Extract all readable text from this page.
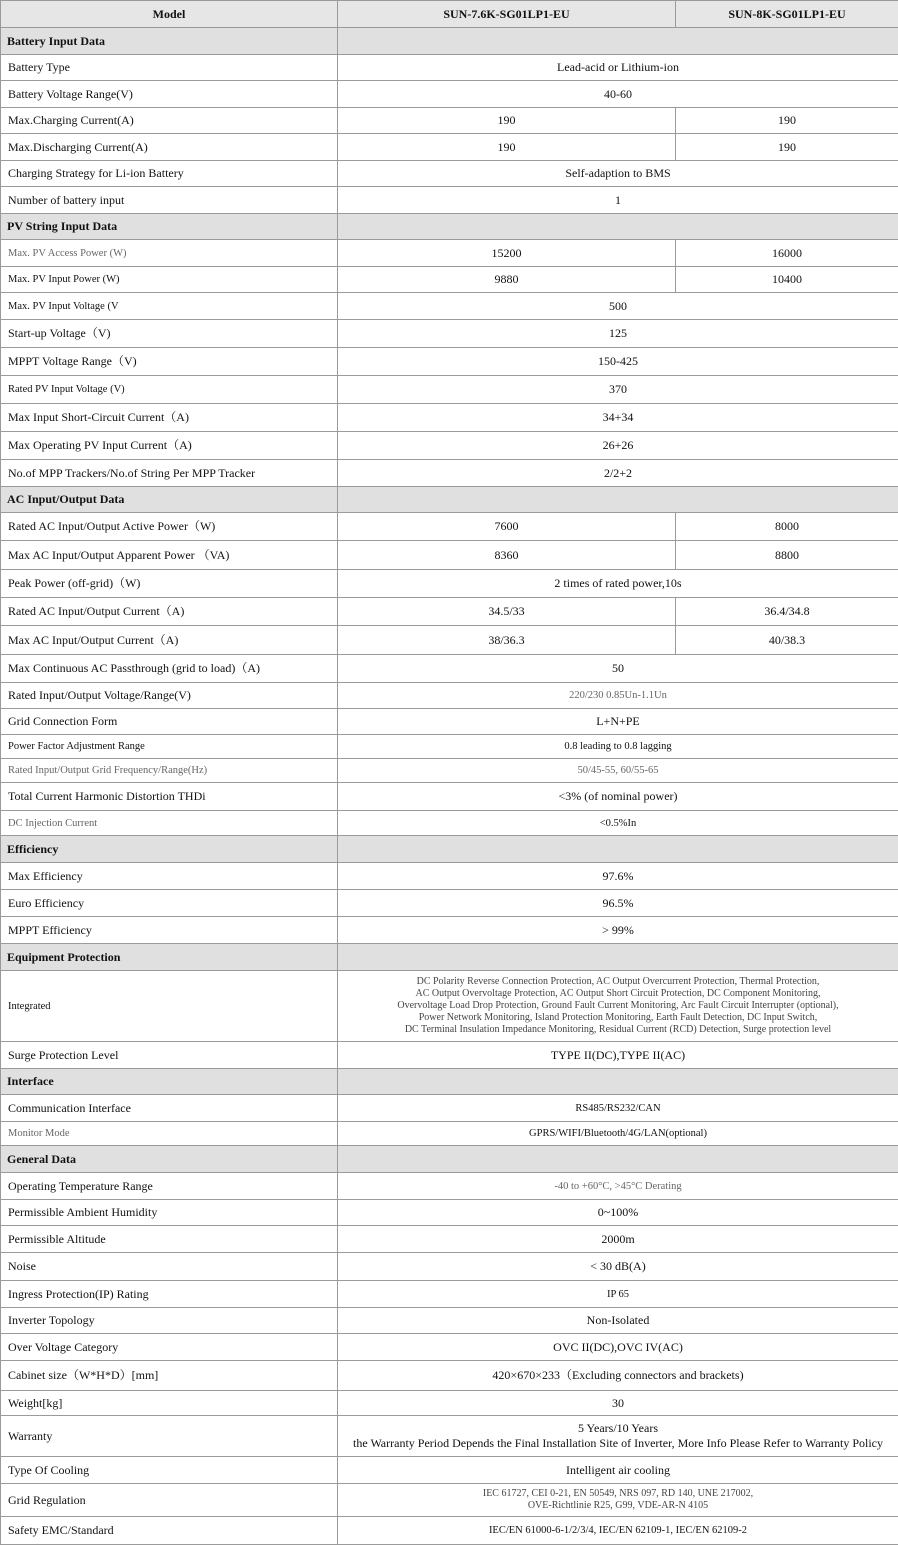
Model	SUN-7.6K-SG01LP1-EU	SUN-8K-SG01LP1-EU
Battery Input Data		
Battery Type	Lead-acid or Lithium-ion	
Battery Voltage Range(V)	40-60	
Max.Charging Current(A)	190	190
Max.Discharging Current(A)	190	190
Charging Strategy for Li-ion Battery	Self-adaption to BMS	
Number of battery input	1	
PV String Input Data		
Max. PV Access Power (W)	15200	16000
Max. PV Input Power (W)	9880	10400
Max. PV Input Voltage (V	500	
Start-up Voltage（V)	125	
MPPT Voltage Range（V)	150-425	
Rated PV Input Voltage (V)	370	
Max Input Short-Circuit Current（A)	34+34	
Max Operating PV Input Current（A)	26+26	
No.of MPP Trackers/No.of String Per MPP Tracker	2/2+2	
AC Input/Output Data		
Rated AC Input/Output Active Power（W)	7600	8000
Max AC Input/Output Apparent Power （VA)	8360	8800
Peak Power (off-grid)（W)	2 times of rated power,10s	
Rated AC Input/Output Current（A)	34.5/33	36.4/34.8
Max AC Input/Output Current（A)	38/36.3	40/38.3
Max Continuous AC Passthrough (grid to load)（A)	50	
Rated Input/Output Voltage/Range(V)	220/230 0.85Un-1.1Un	
Grid Connection Form	L+N+PE	
Power Factor Adjustment Range	0.8 leading to 0.8 lagging	
Rated Input/Output Grid Frequency/Range(Hz)	50/45-55, 60/55-65	
Total Current Harmonic Distortion THDi	<3% (of nominal power)	
DC Injection Current	<0.5%In	
Efficiency		
Max Efficiency	97.6%	
Euro Efficiency	96.5%	
MPPT Efficiency	> 99%	
Equipment Protection		
Integrated	DC Polarity Reverse Connection Protection, AC Output Overcurrent Protection, Thermal Protection,
AC Output Overvoltage Protection, AC Output Short Circuit Protection, DC Component Monitoring,
Overvoltage Load Drop Protection, Ground Fault Current Monitoring, Arc Fault Circuit Interrupter (optional),
Power Network Monitoring, Island Protection Monitoring, Earth Fault Detection, DC Input Switch,
DC Terminal Insulation Impedance Monitoring, Residual Current (RCD) Detection, Surge protection level	

Surge Protection Level	TYPE II(DC),TYPE II(AC)	
Interface		
Communication Interface	RS485/RS232/CAN	
Monitor Mode	GPRS/WIFI/Bluetooth/4G/LAN(optional)	
General Data		
Operating Temperature Range	-40 to +60°C, >45°C Derating	
Permissible Ambient Humidity	0~100%	
Permissible Altitude	2000m	
Noise	< 30 dB(A)	
Ingress Protection(IP) Rating	IP 65	
Inverter Topology	Non-Isolated	
Over Voltage Category	OVC II(DC),OVC IV(AC)	
Cabinet size（W*H*D）[mm]	420×670×233（Excluding connectors and brackets)	
Weight[kg]	30	
Warranty	5 Years/10 Years
the Warranty Period Depends the Final Installation Site of Inverter, More Info Please Refer to Warranty Policy	

Type Of Cooling	Intelligent air cooling	
Grid Regulation	IEC 61727, CEI 0-21, EN 50549, NRS 097, RD 140, UNE 217002,
OVE-Richtlinie R25, G99, VDE-AR-N 4105	

Safety EMC/Standard	IEC/EN 61000-6-1/2/3/4, IEC/EN 62109-1, IEC/EN 62109-2	
